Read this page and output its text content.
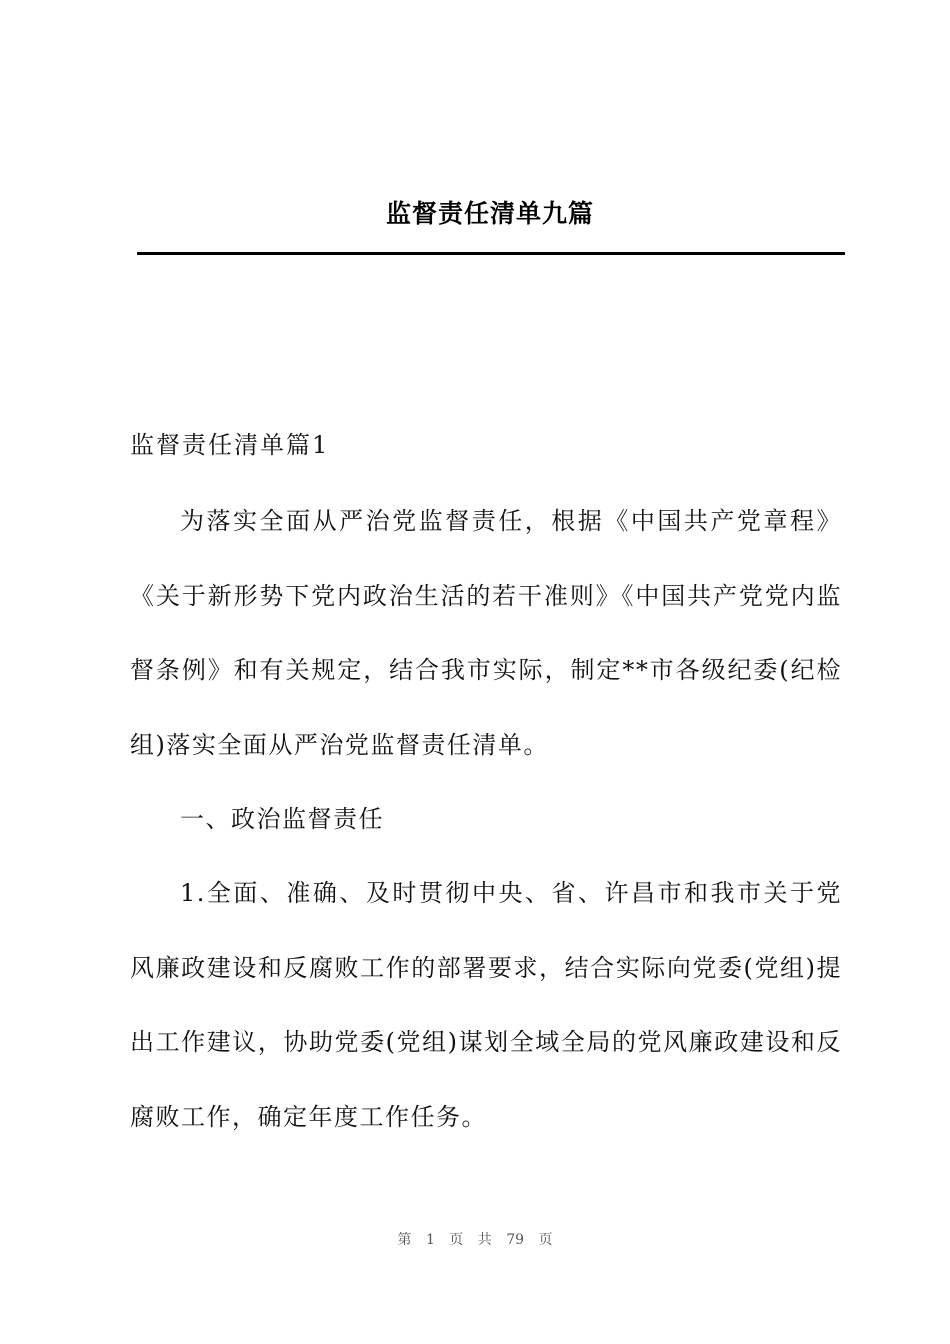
监督责任清单九篇

监督责任清单篇1

为落实全面从严治党监督责任，根据《中国共产党章程》《关于新形势下党内政治生活的若干准则》《中国共产党党内监督条例》和有关规定，结合我市实际，制定**市各级纪委(纪检组)落实全面从严治党监督责任清单。

一、政治监督责任

1.全面、准确、及时贯彻中央、省、许昌市和我市关于党风廉政建设和反腐败工作的部署要求，结合实际向党委(党组)提出工作建议，协助党委(党组)谋划全域全局的党风廉政建设和反腐败工作，确定年度工作任务。

第 1 页 共 79 页
